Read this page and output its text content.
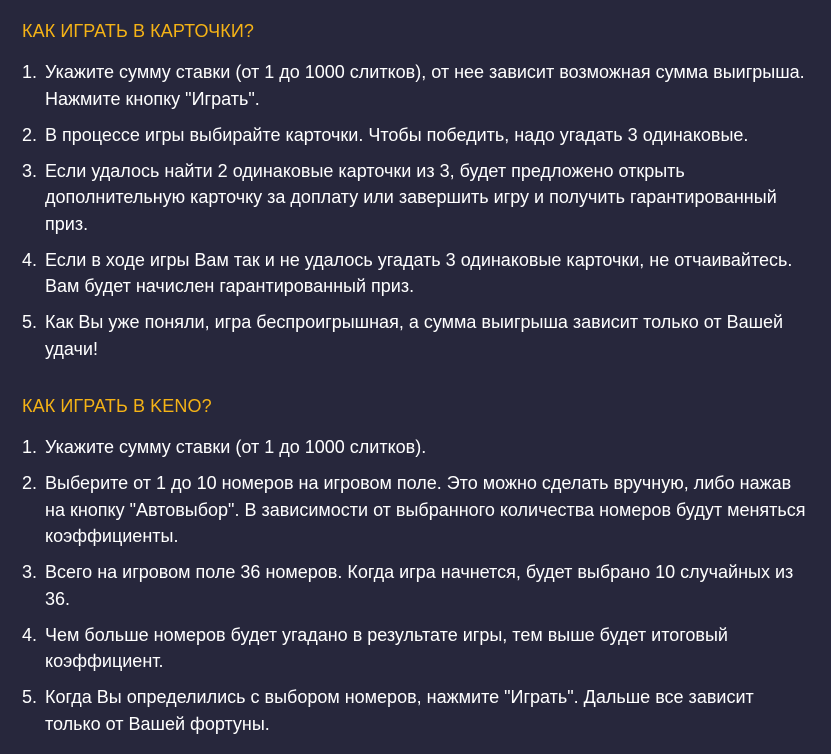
КАК ИГРАТЬ В КАРТОЧКИ?
1. Укажите сумму ставки (от 1 до 1000 слитков), от нее зависит возможная сумма выигрыша. Нажмите кнопку "Играть".
2. В процессе игры выбирайте карточки. Чтобы победить, надо угадать 3 одинаковые.
3. Если удалось найти 2 одинаковые карточки из 3, будет предложено открыть дополнительную карточку за доплату или завершить игру и получить гарантированный приз.
4. Если в ходе игры Вам так и не удалось угадать 3 одинаковые карточки, не отчаивайтесь. Вам будет начислен гарантированный приз.
5. Как Вы уже поняли, игра беспроигрышная, а сумма выигрыша зависит только от Вашей удачи!
КАК ИГРАТЬ В KENO?
1. Укажите сумму ставки (от 1 до 1000 слитков).
2. Выберите от 1 до 10 номеров на игровом поле. Это можно сделать вручную, либо нажав на кнопку "Автовыбор". В зависимости от выбранного количества номеров будут меняться коэффициенты.
3. Всего на игровом поле 36 номеров. Когда игра начнется, будет выбрано 10 случайных из 36.
4. Чем больше номеров будет угадано в результате игры, тем выше будет итоговый коэффициент.
5. Когда Вы определились с выбором номеров, нажмите "Играть". Дальше все зависит только от Вашей фортуны.
